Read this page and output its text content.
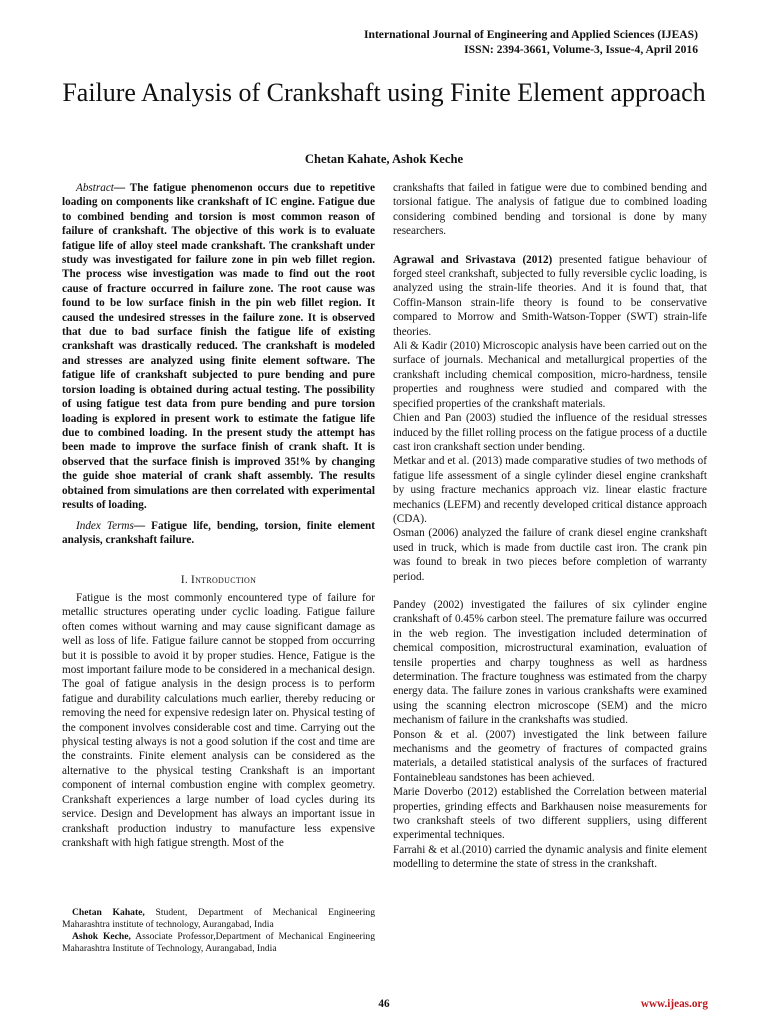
International Journal of Engineering and Applied Sciences (IJEAS)
ISSN: 2394-3661, Volume-3, Issue-4, April 2016
Failure Analysis of Crankshaft using Finite Element approach
Chetan Kahate, Ashok Keche

Abstract— The fatigue phenomenon occurs due to repetitive loading on components like crankshaft of IC engine. Fatigue due to combined bending and torsion is most common reason of failure of crankshaft. The objective of this work is to evaluate fatigue life of alloy steel made crankshaft. The crankshaft under study was investigated for failure zone in pin web fillet region. The process wise investigation was made to find out the root cause of fracture occurred in failure zone. The root cause was found to be low surface finish in the pin web fillet region. It caused the undesired stresses in the failure zone. It is observed that due to bad surface finish the fatigue life of existing crankshaft was drastically reduced. The crankshaft is modeled and stresses are analyzed using finite element software. The fatigue life of crankshaft subjected to pure bending and pure torsion loading is obtained during actual testing. The possibility of using fatigue test data from pure bending and pure torsion loading is explored in present work to estimate the fatigue life due to combined loading. In the present study the attempt has been made to improve the surface finish of crank shaft. It is observed that the surface finish is improved 35!% by changing the guide shoe material of crank shaft assembly. The results obtained from simulations are then correlated with experimental results of loading.

Index Terms— Fatigue life, bending, torsion, finite element analysis, crankshaft failure.

I. Introduction

Fatigue is the most commonly encountered type of failure for metallic structures operating under cyclic loading. Fatigue failure often comes without warning and may cause significant damage as well as loss of life. Fatigue failure cannot be stopped from occurring but it is possible to avoid it by proper studies. Hence, Fatigue is the most important failure mode to be considered in a mechanical design. The goal of fatigue analysis in the design process is to perform fatigue and durability calculations much earlier, thereby reducing or removing the need for expensive redesign later on. Physical testing of the component involves considerable cost and time. Carrying out the physical testing always is not a good solution if the cost and time are the constraints. Finite element analysis can be considered as the alternative to the physical testing Crankshaft is an important component of internal combustion engine with complex geometry. Crankshaft experiences a large number of load cycles during its service. Design and Development has always an important issue in crankshaft production industry to manufacture less expensive crankshaft with high fatigue strength. Most of the

Chetan Kahate, Student, Department of Mechanical Engineering Maharashtra institute of technology, Aurangabad, India

Ashok Keche, Associate Professor,Department of Mechanical Engineering Maharashtra Institute of Technology, Aurangabad, India

crankshafts that failed in fatigue were due to combined bending and torsional fatigue. The analysis of fatigue due to combined loading considering combined bending and torsional is done by many researchers.

Agrawal and Srivastava (2012) presented fatigue behaviour of forged steel crankshaft, subjected to fully reversible cyclic loading, is analyzed using the strain-life theories. And it is found that, that Coffin-Manson strain-life theory is found to be conservative compared to Morrow and Smith-Watson-Topper (SWT) strain-life theories.

Ali & Kadir (2010) Microscopic analysis have been carried out on the surface of journals. Mechanical and metallurgical properties of the crankshaft including chemical composition, micro-hardness, tensile properties and roughness were studied and compared with the specified properties of the crankshaft materials.

Chien and Pan (2003) studied the influence of the residual stresses induced by the fillet rolling process on the fatigue process of a ductile cast iron crankshaft section under bending.

Metkar and et al. (2013) made comparative studies of two methods of fatigue life assessment of a single cylinder diesel engine crankshaft by using fracture mechanics approach viz. linear elastic fracture mechanics (LEFM) and recently developed critical distance approach (CDA).

Osman (2006) analyzed the failure of crank diesel engine crankshaft used in truck, which is made from ductile cast iron. The crank pin was found to break in two pieces before completion of warranty period.

Pandey (2002) investigated the failures of six cylinder engine crankshaft of 0.45% carbon steel. The premature failure was occurred in the web region. The investigation included determination of chemical composition, microstructural examination, evaluation of tensile properties and charpy toughness as well as hardness determination. The fracture toughness was estimated from the charpy energy data. The failure zones in various crankshafts were examined using the scanning electron microscope (SEM) and the micro mechanism of failure in the crankshafts was studied.

Ponson & et al. (2007) investigated the link between failure mechanisms and the geometry of fractures of compacted grains materials, a detailed statistical analysis of the surfaces of fractured Fontainebleau sandstones has been achieved.

Marie Doverbo (2012) established the Correlation between material properties, grinding effects and Barkhausen noise measurements for two crankshaft steels of two different suppliers, using different experimental techniques.

Farrahi & et al.(2010) carried the dynamic analysis and finite element modelling to determine the state of stress in the crankshaft.

46	www.ijeas.org
